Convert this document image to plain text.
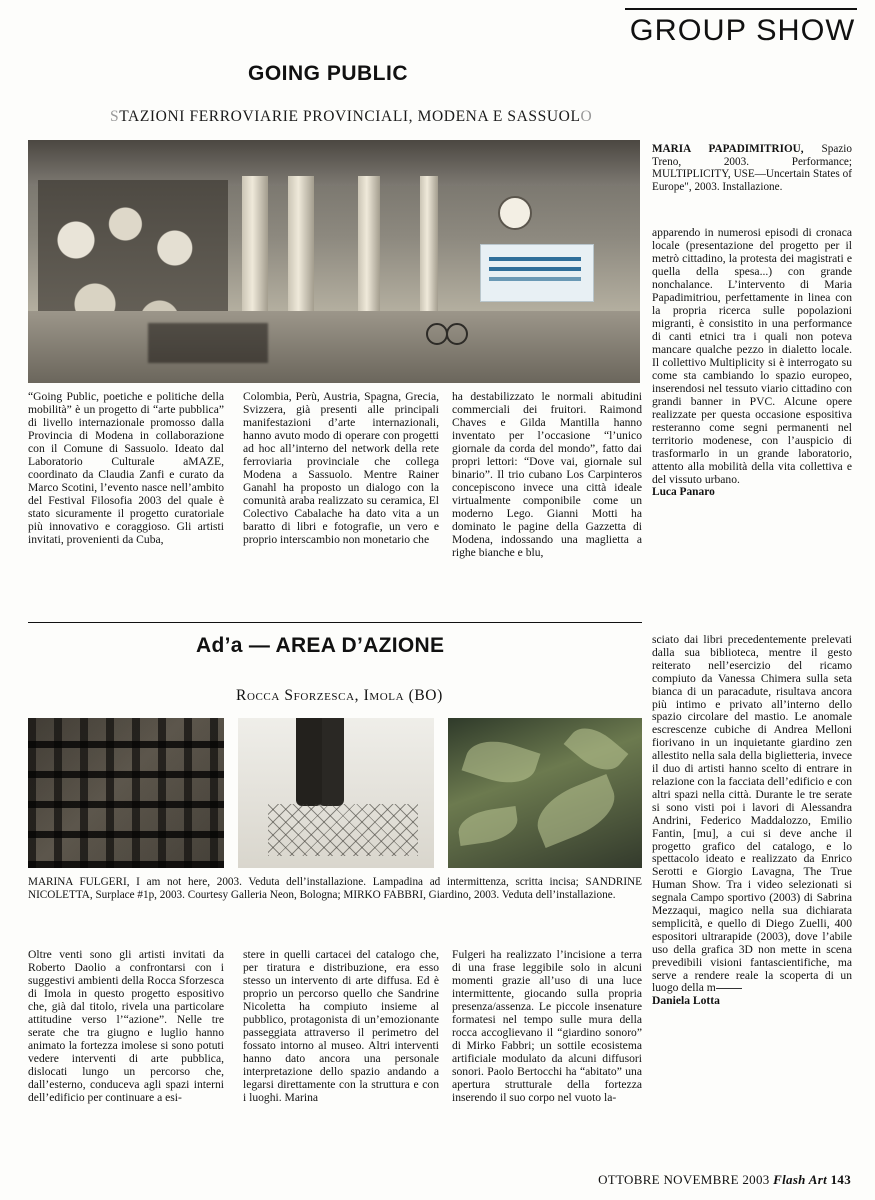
GROUP SHOW
GOING PUBLIC
STAZIONI FERROVIARIE PROVINCIALI, MODENA E SASSUOLO
MARIA PAPADIMITRIOU, Spazio Treno, 2003. Performance; MULTIPLICITY, USE—Uncertain States of Europe", 2003. Installazione.
apparendo in numerosi episodi di cronaca locale (presentazione del progetto per il metrò cittadino, la protesta dei magistrati e quella della spesa...) con grande nonchalance. L’intervento di Maria Papadimitriou, perfettamente in linea con la propria ricerca sulle popolazioni migranti, è consistito in una performance di canti etnici tra i quali non poteva mancare qualche pezzo in dialetto locale. Il collettivo Multiplicity si è interrogato su come sta cambiando lo spazio europeo, inserendosi nel tessuto viario cittadino con grandi banner in PVC. Alcune opere realizzate per questa occasione espositiva resteranno come segni permanenti nel territorio modenese, con l’auspicio di trasformarlo in un grande laboratorio, attento alla mobilità della vita collettiva e del vissuto urbano.
Luca Panaro
“Going Public, poetiche e politiche della mobilità” è un progetto di “arte pubblica” di livello internazionale promosso dalla Provincia di Modena in collaborazione con il Comune di Sassuolo. Ideato dal Laboratorio Culturale aMAZE, coordinato da Claudia Zanfi e curato da Marco Scotini, l’evento nasce nell’ambito del Festival Filosofia 2003 del quale è stato sicuramente il progetto curatoriale più innovativo e coraggioso. Gli artisti invitati, provenienti da Cuba,
Colombia, Perù, Austria, Spagna, Grecia, Svizzera, già presenti alle principali manifestazioni d’arte internazionali, hanno avuto modo di operare con progetti ad hoc all’interno del network della rete ferroviaria provinciale che collega Modena a Sassuolo. Mentre Rainer Ganahl ha proposto un dialogo con la comunità araba realizzato su ceramica, El Colectivo Cabalache ha dato vita a un baratto di libri e fotografie, un vero e proprio interscambio non monetario che
ha destabilizzato le normali abitudini commerciali dei fruitori. Raimond Chaves e Gilda Mantilla hanno inventato per l’occasione “l’unico giornale da corda del mondo”, fatto dai propri lettori: “Dove vai, giornale sul binario”. Il trio cubano Los Carpinteros concepiscono invece una città ideale virtualmente componibile come un moderno Lego. Gianni Motti ha dominato le pagine della Gazzetta di Modena, indossando una maglietta a righe bianche e blu,
Ad’a — AREA D’AZIONE
Rocca Sforzesca, Imola (BO)
MARINA FULGERI, I am not here, 2003. Veduta dell’installazione. Lampadina ad intermittenza, scritta incisa; SANDRINE NICOLETTA, Surplace #1p, 2003. Courtesy Galleria Neon, Bologna; MIRKO FABBRI, Giardino, 2003. Veduta dell’installazione.
Oltre venti sono gli artisti invitati da Roberto Daolio a confrontarsi con i suggestivi ambienti della Rocca Sforzesca di Imola in questo progetto espositivo che, già dal titolo, rivela una particolare attitudine verso l’“azione”. Nelle tre serate che tra giugno e luglio hanno animato la fortezza imolese si sono potuti vedere interventi di arte pubblica, dislocati lungo un percorso che, dall’esterno, conduceva agli spazi interni dell’edificio per continuare a esi-
stere in quelli cartacei del catalogo che, per tiratura e distribuzione, era esso stesso un intervento di arte diffusa. Ed è proprio un percorso quello che Sandrine Nicoletta ha compiuto insieme al pubblico, protagonista di un’emozionante passeggiata attraverso il perimetro del fossato intorno al museo. Altri interventi hanno dato ancora una personale interpretazione dello spazio andando a legarsi direttamente con la struttura e con i luoghi. Marina
Fulgeri ha realizzato l’incisione a terra di una frase leggibile solo in alcuni momenti grazie all’uso di una luce intermittente, giocando sulla propria presenza/assenza. Le piccole insenature formatesi nel tempo sulle mura della rocca accoglievano il “giardino sonoro” di Mirko Fabbri; un sottile ecosistema artificiale modulato da alcuni diffusori sonori. Paolo Bertocchi ha “abitato” una apertura strutturale della fortezza inserendo il suo corpo nel vuoto la-
sciato dai libri precedentemente prelevati dalla sua biblioteca, mentre il gesto reiterato nell’esercizio del ricamo compiuto da Vanessa Chimera sulla seta bianca di un paracadute, risultava ancora più intimo e privato all’interno dello spazio circolare del mastio. Le anomale escrescenze cubiche di Andrea Melloni fiorivano in un inquietante giardino zen allestito nella sala della biglietteria, invece il duo di artisti hanno scelto di entrare in relazione con la facciata dell’edificio e con altri spazi nella città. Durante le tre serate si sono visti poi i lavori di Alessandra Andrini, Federico Maddalozzo, Emilio Fantin, [mu], a cui si deve anche il progetto grafico del catalogo, e lo spettacolo ideato e realizzato da Enrico Serotti e Giorgio Lavagna, The True Human Show. Tra i video selezionati si segnala Campo sportivo (2003) di Sabrina Mezzaqui, magico nella sua dichiarata semplicità, e quello di Diego Zuelli, 400 espositori ultrarapide (2003), dove l’abile uso della grafica 3D non mette in scena prevedibili visioni fantascientifiche, ma serve a rendere reale la scoperta di un luogo della m
Daniela Lotta
OTTOBRE NOVEMBRE 2003 Flash Art 143
